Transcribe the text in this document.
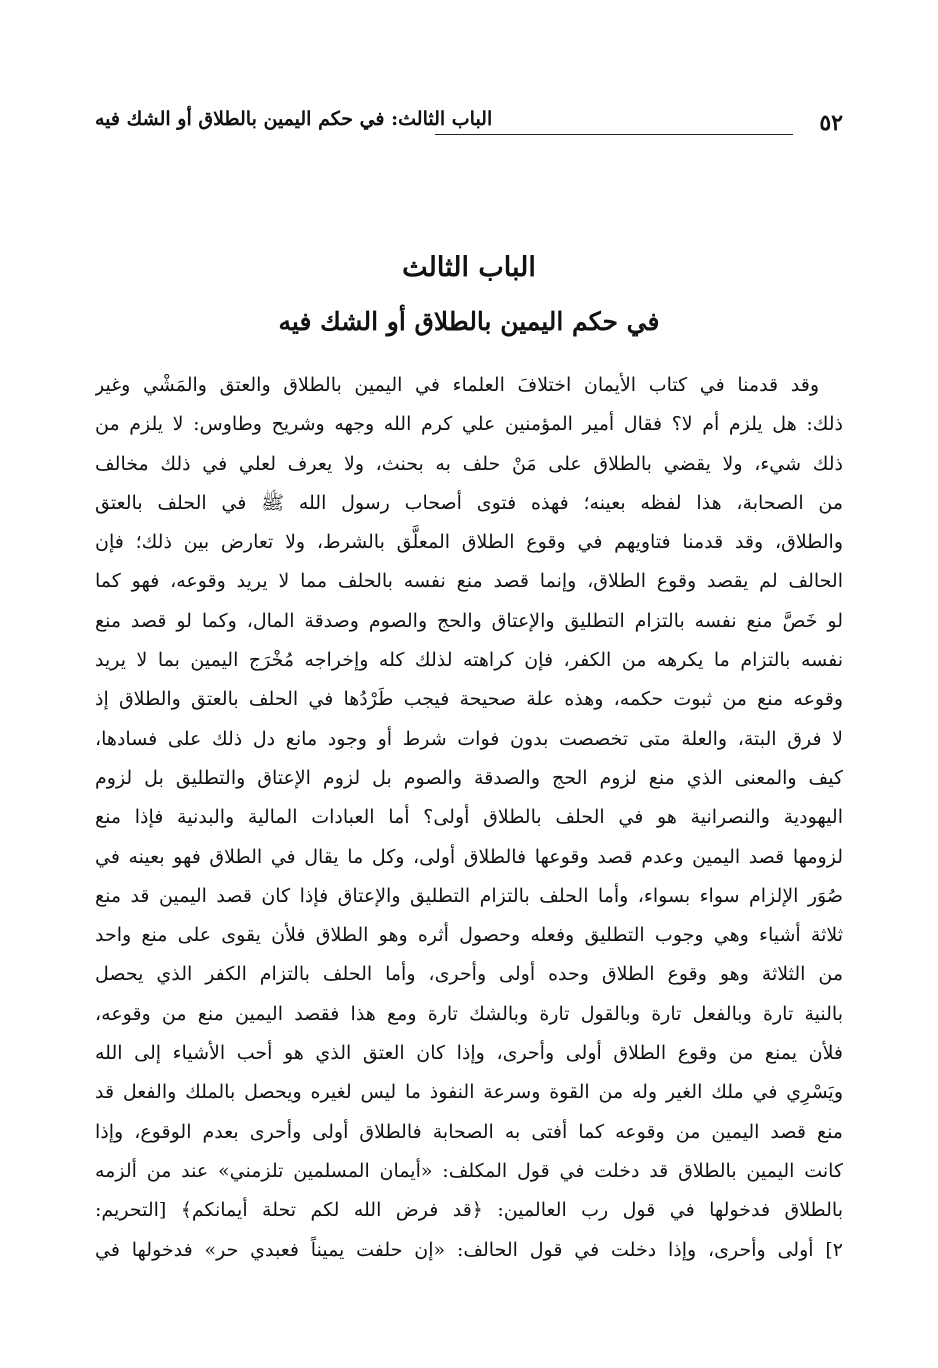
٥٢
الباب الثالث: في حكم اليمين بالطلاق أو الشك فيه
الباب الثالث
في حكم اليمين بالطلاق أو الشك فيه
وقد قدمنا في كتاب الأيمان اختلافَ العلماء في اليمين بالطلاق والعتق والمَشْي وغير
ذلك: هل يلزم أم لا؟ فقال أمير المؤمنين علي كرم الله وجهه وشريح وطاوس: لا يلزم من
ذلك شيء، ولا يقضي بالطلاق على مَنْ حلف به بحنث، ولا يعرف لعلي في ذلك مخالف
من الصحابة، هذا لفظه بعينه؛ فهذه فتوى أصحاب رسول الله ﷺ في الحلف بالعتق
والطلاق، وقد قدمنا فتاويهم في وقوع الطلاق المعلَّق بالشرط، ولا تعارض بين ذلك؛ فإن
الحالف لم يقصد وقوع الطلاق، وإنما قصد منع نفسه بالحلف مما لا يريد وقوعه، فهو كما
لو خَصَّ منع نفسه بالتزام التطليق والإعتاق والحج والصوم وصدقة المال، وكما لو قصد منع
نفسه بالتزام ما يكرهه من الكفر، فإن كراهته لذلك كله وإخراجه مُخْرَج اليمين بما لا يريد
وقوعه منع من ثبوت حكمه، وهذه علة صحيحة فيجب طَرْدُها في الحلف بالعتق والطلاق إذ
لا فرق البتة، والعلة متى تخصصت بدون فوات شرط أو وجود مانع دل ذلك على فسادها،
كيف والمعنى الذي منع لزوم الحج والصدقة والصوم بل لزوم الإعتاق والتطليق بل لزوم
اليهودية والنصرانية هو في الحلف بالطلاق أولى؟ أما العبادات المالية والبدنية فإذا منع
لزومها قصد اليمين وعدم قصد وقوعها فالطلاق أولى، وكل ما يقال في الطلاق فهو بعينه في
صُوَر الإلزام سواء بسواء، وأما الحلف بالتزام التطليق والإعتاق فإذا كان قصد اليمين قد منع
ثلاثة أشياء وهي وجوب التطليق وفعله وحصول أثره وهو الطلاق فلأن يقوى على منع واحد
من الثلاثة وهو وقوع الطلاق وحده أولى وأحرى، وأما الحلف بالتزام الكفر الذي يحصل
بالنية تارة وبالفعل تارة وبالقول تارة وبالشك تارة ومع هذا فقصد اليمين منع من وقوعه،
فلأن يمنع من وقوع الطلاق أولى وأحرى، وإذا كان العتق الذي هو أحب الأشياء إلى الله
ويَسْرِي في ملك الغير وله من القوة وسرعة النفوذ ما ليس لغيره ويحصل بالملك والفعل قد
منع قصد اليمين من وقوعه كما أفتى به الصحابة فالطلاق أولى وأحرى بعدم الوقوع، وإذا
كانت اليمين بالطلاق قد دخلت في قول المكلف: «أيمان المسلمين تلزمني» عند من ألزمه
بالطلاق فدخولها في قول رب العالمين: ﴿قد فرض الله لكم تحلة أيمانكم﴾ [التحريم:
٢] أولى وأحرى، وإذا دخلت في قول الحالف: «إن حلفت يميناً فعبدي حر» فدخولها في
